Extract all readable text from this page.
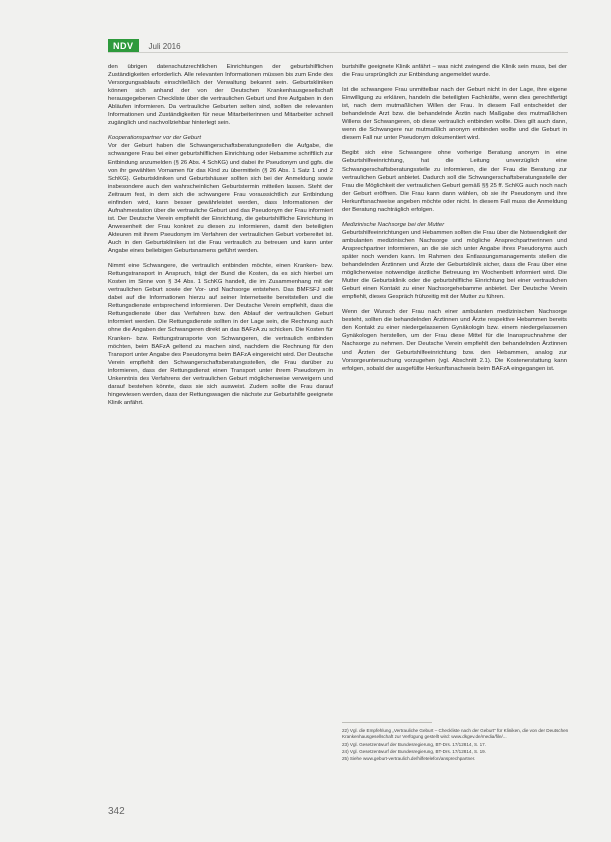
NDV	Juli 2016

den übrigen datenschutzrechtlichen Einrichtungen der geburtshilflichen Zuständigkeiten erforderlich. Alle relevanten Informationen müssen bis zum Ende des Versorgungsablaufs einschließlich der Verwaltung bekannt sein. Geburtskliniken können sich anhand der von der Deutschen Krankenhausgesellschaft herausgegebenen Checkliste über die vertraulichen Geburt und ihre Aufgaben in den Abläufen informieren. Da vertrauliche Geburten selten sind, sollten die relevanten Informationen und Zuständigkeiten für neue Mitarbeiterinnen und Mitarbeiter schnell zugänglich und nachvollziehbar hinterlegt sein.

Kooperationspartner vor der Geburt

Vor der Geburt haben die Schwangerschaftsberatungsstellen die Aufgabe, die schwangere Frau bei einer geburtshilflichen Einrichtung oder Hebamme schriftlich zur Entbindung anzumelden (§ 26 Abs. 4 SchKG) und dabei ihr Pseudonym und ggfs. die von ihr gewählten Vornamen für das Kind zu übermitteln (§ 26 Abs. 1 Satz 1 und 2 SchKG). Geburtskliniken und Geburtshäuser sollten sich bei der Anmeldung sowie insbesondere auch den wahrscheinlichen Geburtstermin mitteilen lassen. Steht der Zeitraum fest, in dem sich die schwangere Frau voraussichtlich zur Entbindung einfinden wird, kann besser gewährleistet werden, dass Informationen der Aufnahmestation über die vertrauliche Geburt und das Pseudonym der Frau informiert ist. Der Deutsche Verein empfiehlt der Einrichtung, die geburtshilfliche Einrichtung in Anwesenheit der Frau konkret zu diesen zu informieren, damit den beteiligten Akteuren mit ihrem Pseudonym im Verfahren der vertraulichen Geburt vorbereitet ist. Auch in den Geburtskliniken ist die Frau vertraulich zu betreuen und kann unter Angabe eines beliebigen Geburtsnamens geführt werden.

Nimmt eine Schwangere, die vertraulich entbinden möchte, einen Kranken- bzw. Rettungstransport in Anspruch, trägt der Bund die Kosten, da es sich hierbei um Kosten im Sinne von § 34 Abs. 1 SchKG handelt, die im Zusammenhang mit der vertraulichen Geburt sowie der Vor- und Nachsorge entstehen. Das BMFSFJ sollt dabei auf die Informationen hierzu auf seiner Internetseite bereitstellen und die Rettungsdienste entsprechend informieren. Der Deutsche Verein empfiehlt, dass die Rettungsdienste über das Verfahren bzw. den Ablauf der vertraulichen Geburt informiert werden. Die Rettungsdienste sollten in der Lage sein, die Rechnung auch ohne die Angaben der Schwangeren direkt an das BAFzA zu schicken. Die Kosten für Kranken- bzw. Rettungstransporte von Schwangeren, die vertraulich entbinden möchten, beim BAFzA geltend zu machen sind, nachdem die Rechnung für den Transport unter Angabe des Pseudonyms beim BAFzA eingereicht wird. Der Deutsche Verein empfiehlt den Schwangerschaftsberatungsstellen, die Frau darüber zu informieren, dass der Rettungsdienst einen Transport unter ihrem Pseudonym in Unkenntnis des Verfahrens der vertraulichen Geburt möglicherweise verweigern und darauf bestehen könnte, dass sie sich ausweist. Zudem sollte die Frau darauf hingewiesen werden, dass der Rettungswagen die nächste zur Geburtshilfe geeignete Klinik anfährt.

burtshilfe geeignete Klinik anfährt – was nicht zwingend die Klinik sein muss, bei der die Frau ursprünglich zur Entbindung angemeldet wurde.

Ist die schwangere Frau unmittelbar nach der Geburt nicht in der Lage, ihre eigene Einwilligung zu erklären, handeln die beteiligten Fachkräfte, wenn dies gerechtfertigt ist, nach dem mutmaßlichen Willen der Frau. In diesem Fall entscheidet der behandelnde Arzt bzw. die behandelnde Ärztin nach Maßgabe des mutmaßlichen Willens der Schwangeren, ob diese vertraulich entbinden wollte. Dies gilt auch dann, wenn die Schwangere nur mutmaßlich anonym entbinden wollte und die Geburt in diesem Fall nur unter Pseudonym dokumentiert wird.

Begibt sich eine Schwangere ohne vorherige Beratung anonym in eine Geburtshilfeeinrichtung, hat die Leitung unverzüglich eine Schwangerschaftsberatungsstelle zu informieren, die der Frau die Beratung zur vertraulichen Geburt anbietet. Dadurch soll die Schwangerschaftsberatungsstelle der Frau die Möglichkeit der vertraulichen Geburt gemäß §§ 25 ff. SchKG auch noch nach der Geburt eröffnen. Die Frau kann dann wählen, ob sie ihr Pseudonym und ihre Herkunftsnachweise angeben möchte oder nicht. In diesem Fall muss die Anmeldung der Beratung nachträglich erfolgen.

Medizinische Nachsorge bei der Mutter

Geburtshilfeeinrichtungen und Hebammen sollten die Frau über die Notwendigkeit der ambulanten medizinischen Nachsorge und mögliche Ansprechpartnerinnen und Ansprechpartner informieren, an die sie sich unter Angabe ihres Pseudonyms auch später noch wenden kann. Im Rahmen des Entlassungsmanagements stellen die behandelnden Ärztinnen und Ärzte der Geburtsklinik sicher, dass die Frau über eine möglicherweise notwendige ärztliche Betreuung im Wochenbett informiert wird. Die Mutter die Geburtsklinik oder die geburtshilfliche Einrichtung bei einer vertraulichen Geburt einen Kontakt zu einer Nachsorgehebamme anbietet. Der Deutsche Verein empfiehlt, dieses Gespräch frühzeitig mit der Mutter zu führen.

Wenn der Wunsch der Frau nach einer ambulanten medizinischen Nachsorge besteht, sollten die behandelnden Ärztinnen und Ärzte respektive Hebammen bereits den Kontakt zu einer niedergelassenen Gynäkologin bzw. einem niedergelassenen Gynäkologen herstellen, um der Frau diese Mittel für die Inanspruchnahme der Nachsorge zu nehmen. Der Deutsche Verein empfiehlt den behandelnden Ärztinnen und Ärzten der Geburtshilfeeinrichtung bzw. den Hebammen, analog zur Vorsorgeuntersuchung vorzugehen (vgl. Abschnitt 2.1). Die Kostenerstattung kann erfolgen, sobald der ausgefüllte Herkunftsnachweis beim BAFzA eingegangen ist.

22) Vgl. die Empfehlung „Vertrauliche Geburt – Checkliste nach der Geburt“ für Kliniken, die von der Deutschen Krankenhausgesellschaft zur Verfügung gestellt wird: www.dkgev.de/media/file/...
23) Vgl. Gesetzentwurf der Bundesregierung, BT-Drs. 17/12814, S. 17.
24) Vgl. Gesetzentwurf der Bundesregierung, BT-Drs. 17/12814, S. 19.
25) Siehe www.geburt-vertraulich.de/hilfetelefon/ansprechpartner.
342
